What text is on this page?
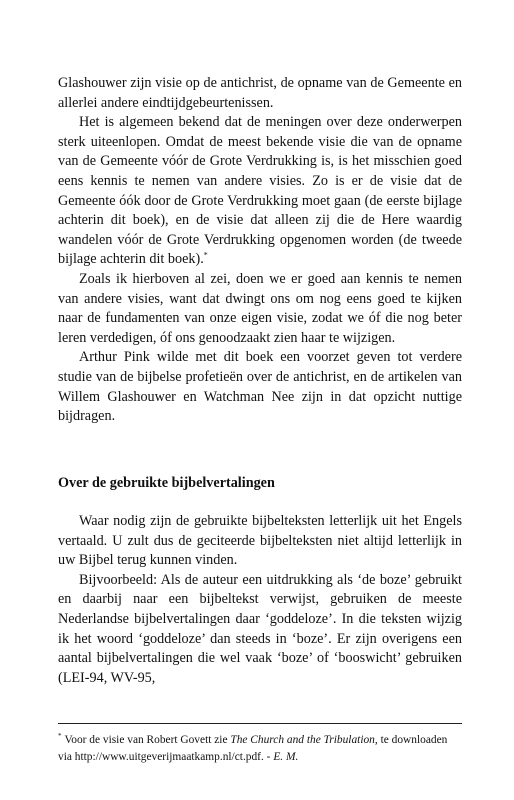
Glashouwer zijn visie op de antichrist, de opname van de Gemeente en allerlei andere eindtijdgebeurtenissen.

Het is algemeen bekend dat de meningen over deze onderwerpen sterk uiteenlopen. Omdat de meest bekende visie die van de opname van de Gemeente vóór de Grote Verdrukking is, is het misschien goed eens kennis te nemen van andere visies. Zo is er de visie dat de Gemeente óók door de Grote Verdrukking moet gaan (de eerste bijlage achterin dit boek), en de visie dat alleen zij die de Here waardig wandelen vóór de Grote Verdrukking opgenomen worden (de tweede bijlage achterin dit boek).*

Zoals ik hierboven al zei, doen we er goed aan kennis te nemen van andere visies, want dat dwingt ons om nog eens goed te kijken naar de fundamenten van onze eigen visie, zodat we óf die nog beter leren verdedigen, óf ons genoodzaakt zien haar te wijzigen.

Arthur Pink wilde met dit boek een voorzet geven tot verdere studie van de bijbelse profetieën over de antichrist, en de artikelen van Willem Glashouwer en Watchman Nee zijn in dat opzicht nuttige bijdragen.

Over de gebruikte bijbelvertalingen

Waar nodig zijn de gebruikte bijbelteksten letterlijk uit het Engels vertaald. U zult dus de geciteerde bijbelteksten niet altijd letterlijk in uw Bijbel terug kunnen vinden.

Bijvoorbeeld: Als de auteur een uitdrukking als ‘de boze’ gebruikt en daarbij naar een bijbeltekst verwijst, gebruiken de meeste Nederlandse bijbelvertalingen daar ‘goddeloze’. In die teksten wijzig ik het woord ‘goddeloze’ dan steeds in ‘boze’. Er zijn overigens een aantal bijbelvertalingen die wel vaak ‘boze’ of ‘booswicht’ gebruiken (LEI-94, WV-95,

* Voor de visie van Robert Govett zie The Church and the Tribulation, te downloaden via http://www.uitgeverijmaatkamp.nl/ct.pdf. - E. M.
